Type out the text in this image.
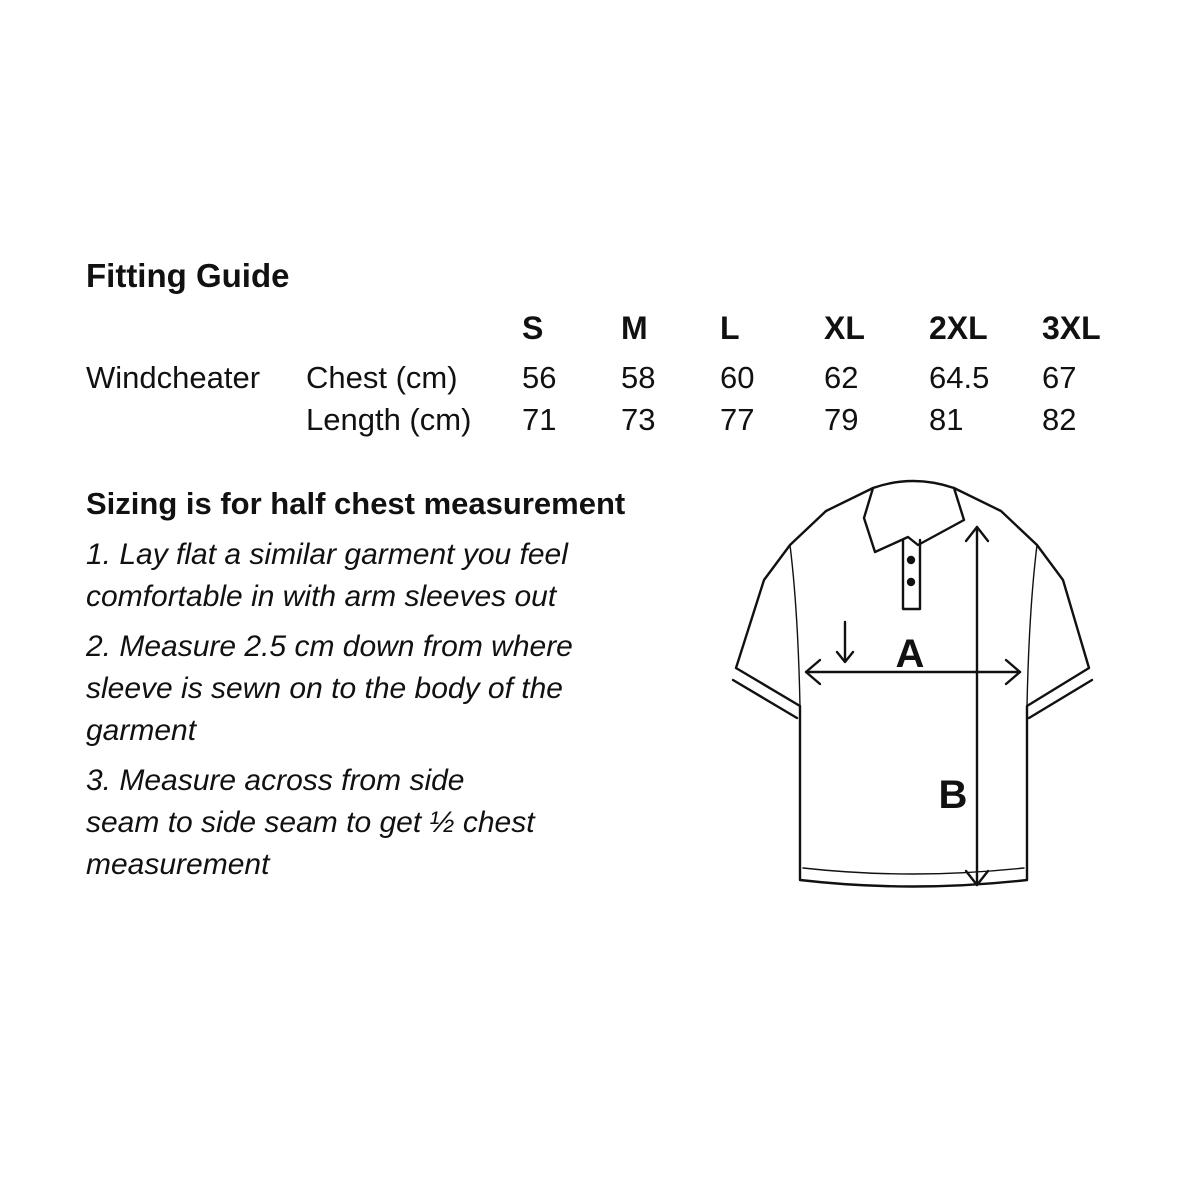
Fitting Guide
S M L	XL 2XL 3XL
Windcheater Chest (cm) 56 58 60 62 64.5 67
Length (cm) 71 73 77 79 81	82
Sizing is for half chest measurement
1. Lay flat a similar garment you feel comfortable in with arm sleeves out
2. Measure 2.5 cm down from where sleeve is sewn on to the body of the garment
3. Measure across from side seam to side seam to get ½ chest measurement
A
B
